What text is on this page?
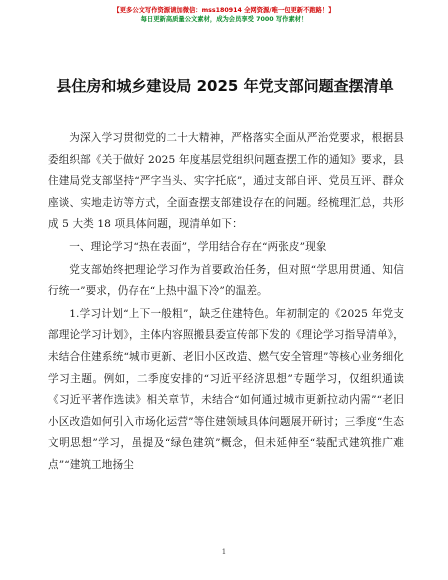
【更多公文写作资源请加微信：mss180914 全网资源/唯一包更新不跑路！】
每日更新高质量公文素材，成为会员享受 7000 写作素材！
县住房和城乡建设局 2025 年党支部问题查摆清单

为深入学习贯彻党的二十大精神，严格落实全面从严治党要求，根据县委组织部《关于做好 2025 年度基层党组织问题查摆工作的通知》要求，县住建局党支部坚持“严字当头、实字托底”，通过支部自评、党员互评、群众座谈、实地走访等方式，全面查摆支部建设存在的问题。经梳理汇总，共形成 5 大类 18 项具体问题，现清单如下：

一、理论学习“热在表面”，学用结合存在“两张皮”现象

党支部始终把理论学习作为首要政治任务，但对照“学思用贯通、知信行统一”要求，仍存在“上热中温下冷”的温差。

1.学习计划“上下一般粗”，缺乏住建特色。年初制定的《2025 年党支部理论学习计划》，主体内容照搬县委宣传部下发的《理论学习指导清单》，未结合住建系统“城市更新、老旧小区改造、燃气安全管理”等核心业务细化学习主题。例如，二季度安排的“习近平经济思想”专题学习，仅组织通读《习近平著作选读》相关章节，未结合“如何通过城市更新拉动内需”“老旧小区改造如何引入市场化运营”等住建领域具体问题展开研讨；三季度“生态文明思想”学习，虽提及“绿色建筑”概念，但未延伸至“装配式建筑推广难点”“建筑工地扬尘

1
